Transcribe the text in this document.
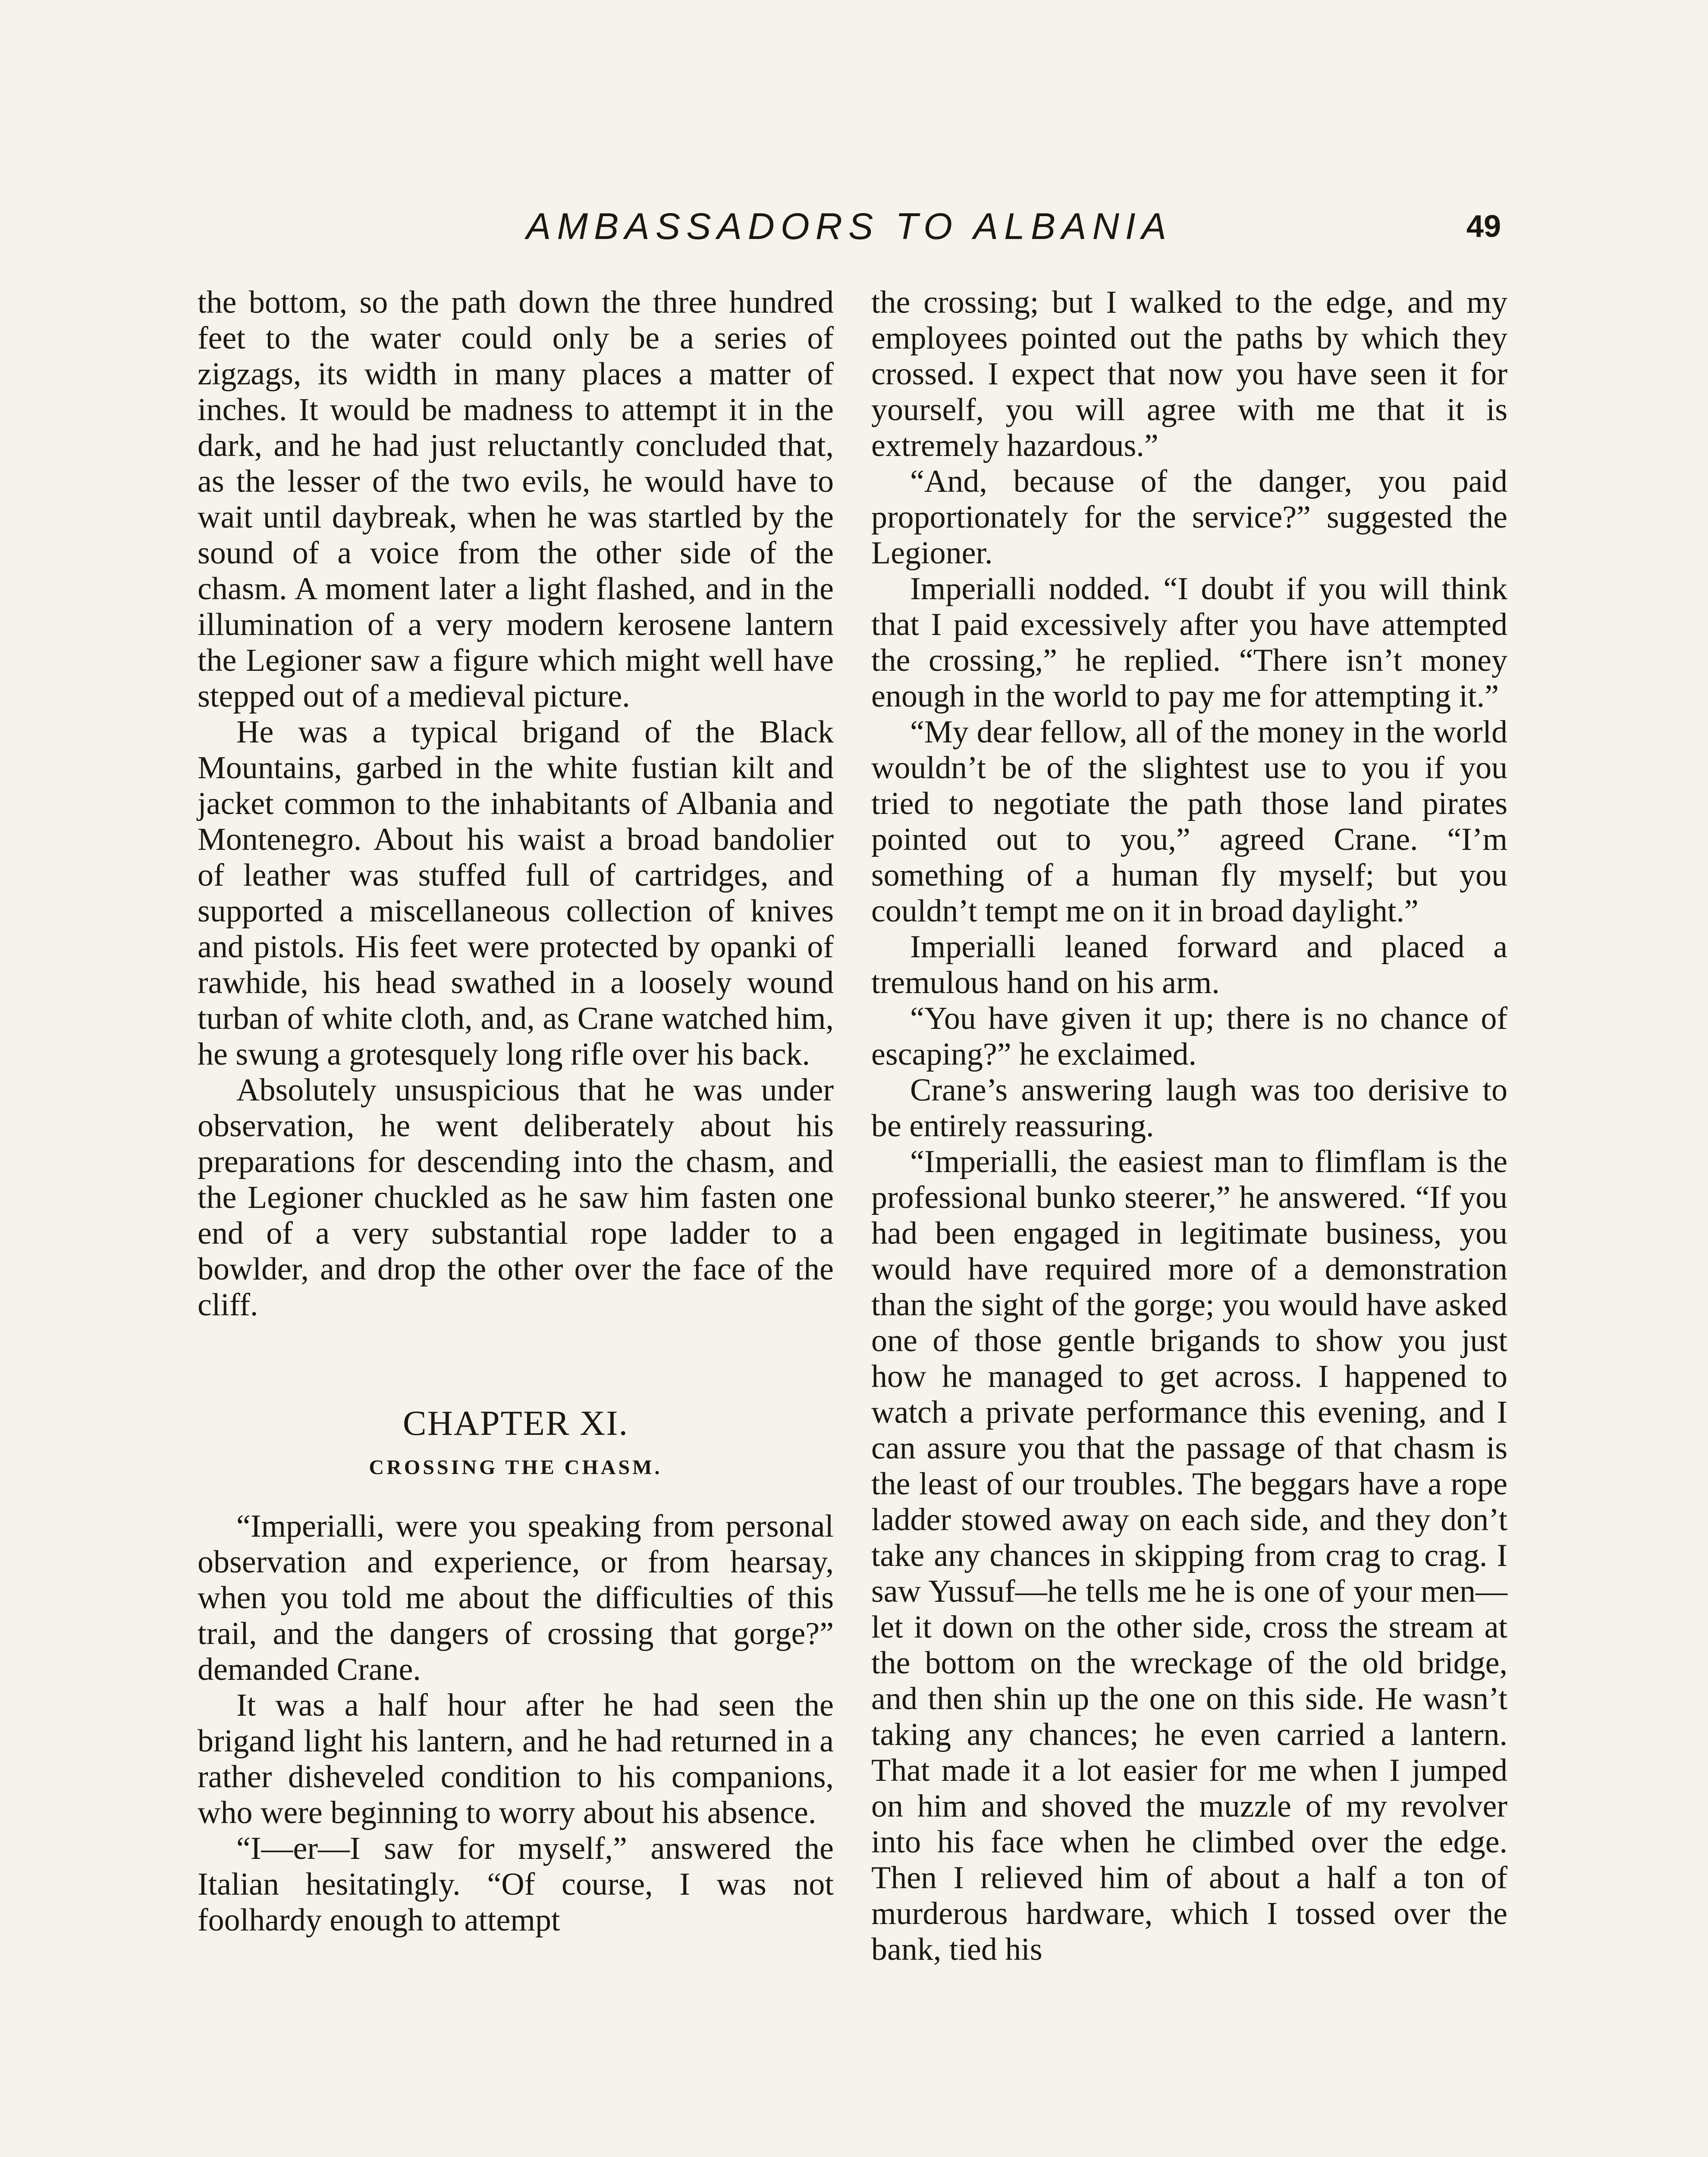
AMBASSADORS TO ALBANIA	49

the bottom, so the path down the three hundred feet to the water could only be a series of zigzags, its width in many places a matter of inches. It would be madness to attempt it in the dark, and he had just reluctantly concluded that, as the lesser of the two evils, he would have to wait until daybreak, when he was startled by the sound of a voice from the other side of the chasm. A moment later a light flashed, and in the illumination of a very modern kerosene lantern the Legioner saw a figure which might well have stepped out of a medieval picture.

He was a typical brigand of the Black Mountains, garbed in the white fustian kilt and jacket common to the inhabitants of Albania and Montenegro. About his waist a broad bandolier of leather was stuffed full of cartridges, and supported a miscellaneous collection of knives and pistols. His feet were protected by opanki of rawhide, his head swathed in a loosely wound turban of white cloth, and, as Crane watched him, he swung a grotesquely long rifle over his back.

Absolutely unsuspicious that he was under observation, he went deliberately about his preparations for descending into the chasm, and the Legioner chuckled as he saw him fasten one end of a very substantial rope ladder to a bowlder, and drop the other over the face of the cliff.

CHAPTER XI.
CROSSING THE CHASM.

“Imperialli, were you speaking from personal observation and experience, or from hearsay, when you told me about the difficulties of this trail, and the dangers of crossing that gorge?” demanded Crane.

It was a half hour after he had seen the brigand light his lantern, and he had returned in a rather disheveled condition to his companions, who were beginning to worry about his absence.

“I—er—I saw for myself,” answered the Italian hesitatingly. “Of course, I was not foolhardy enough to attempt

the crossing; but I walked to the edge, and my employees pointed out the paths by which they crossed. I expect that now you have seen it for yourself, you will agree with me that it is extremely hazardous.”

“And, because of the danger, you paid proportionately for the service?” suggested the Legioner.

Imperialli nodded. “I doubt if you will think that I paid excessively after you have attempted the crossing,” he replied. “There isn’t money enough in the world to pay me for attempting it.”

“My dear fellow, all of the money in the world wouldn’t be of the slightest use to you if you tried to negotiate the path those land pirates pointed out to you,” agreed Crane. “I’m something of a human fly myself; but you couldn’t tempt me on it in broad daylight.”

Imperialli leaned forward and placed a tremulous hand on his arm.

“You have given it up; there is no chance of escaping?” he exclaimed.

Crane’s answering laugh was too derisive to be entirely reassuring.

“Imperialli, the easiest man to flimflam is the professional bunko steerer,” he answered. “If you had been engaged in legitimate business, you would have required more of a demonstration than the sight of the gorge; you would have asked one of those gentle brigands to show you just how he managed to get across. I happened to watch a private performance this evening, and I can assure you that the passage of that chasm is the least of our troubles. The beggars have a rope ladder stowed away on each side, and they don’t take any chances in skipping from crag to crag. I saw Yussuf—he tells me he is one of your men—let it down on the other side, cross the stream at the bottom on the wreckage of the old bridge, and then shin up the one on this side. He wasn’t taking any chances; he even carried a lantern. That made it a lot easier for me when I jumped on him and shoved the muzzle of my revolver into his face when he climbed over the edge. Then I relieved him of about a half a ton of murderous hardware, which I tossed over the bank, tied his
